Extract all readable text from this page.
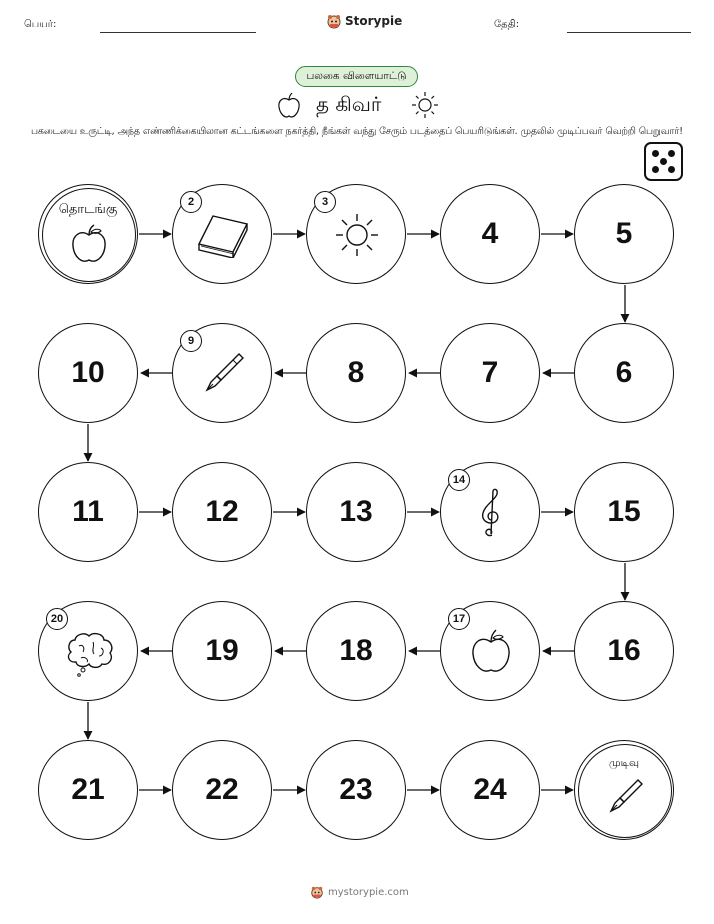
பெயர்:	Storypie	தேதி:
பலகை விளையாட்டு
த கிவர்
பகடையை உருட்டி, அந்த எண்ணிக்கையிலான கட்டங்களை நகர்த்தி, நீங்கள் வந்து சேரும் படத்தைப் பெயரிடுங்கள். முதலில் முடிப்பவர் வெற்றி பெறுவார்!
தொடங்கு	2	3
4	5
6
7
8
9
10
11	12	13
14
15
16
17
18
19
20
21	22	23	24
முடிவு
mystorypie.com
